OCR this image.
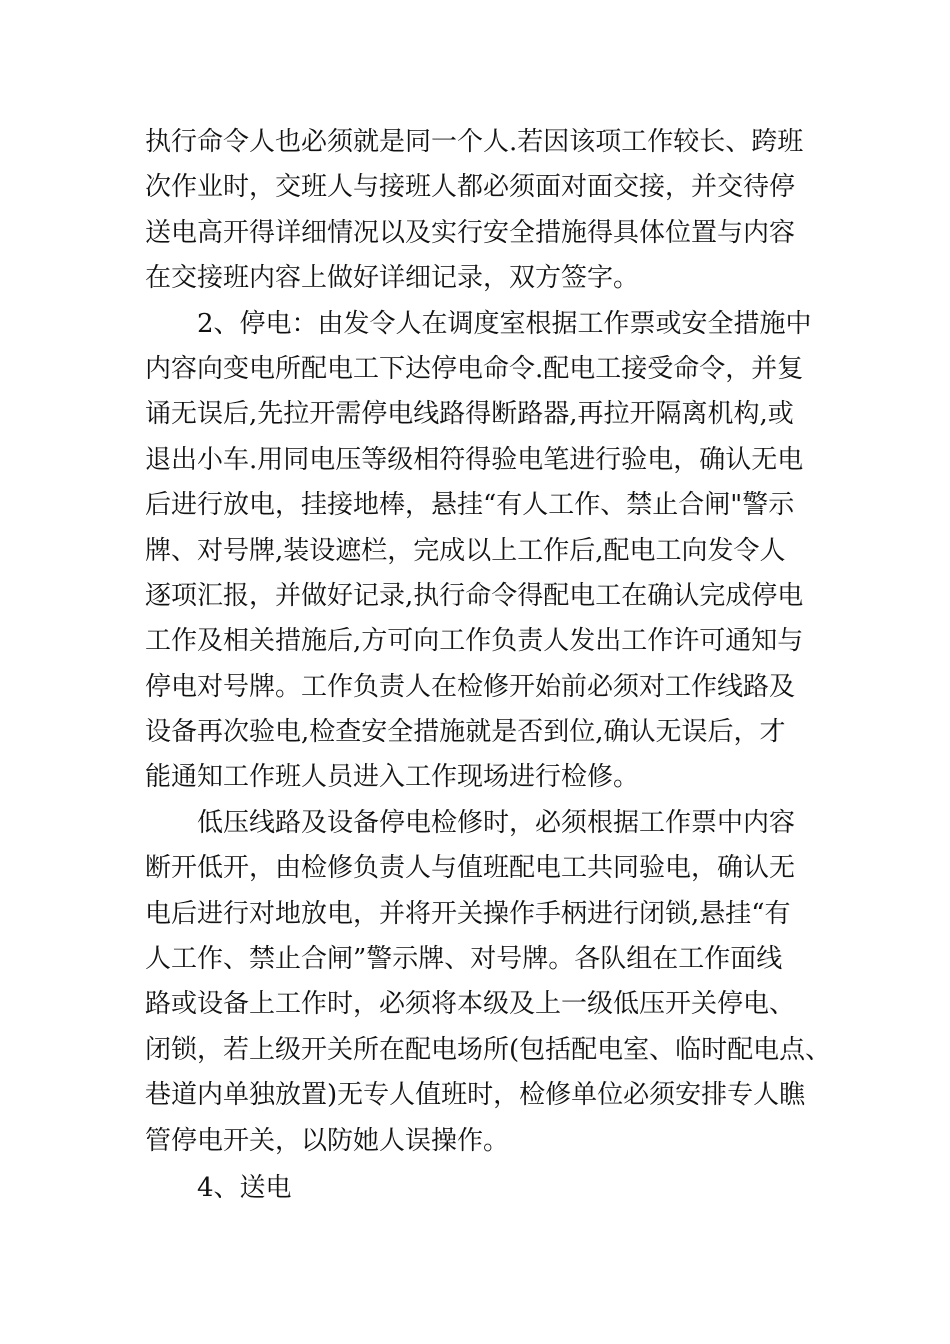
执行命令人也必须就是同一个人.若因该项工作较长、跨班
次作业时，交班人与接班人都必须面对面交接，并交待停
送电高开得详细情况以及实行安全措施得具体位置与内容
在交接班内容上做好详细记录，双方签字。
2、停电：由发令人在调度室根据工作票或安全措施中
内容向变电所配电工下达停电命令.配电工接受命令，并复
诵无误后,先拉开需停电线路得断路器,再拉开隔离机构,或
退出小车.用同电压等级相符得验电笔进行验电，确认无电
后进行放电，挂接地棒，悬挂“有人工作、禁止合闸"警示
牌、对号牌,装设遮栏，完成以上工作后,配电工向发令人
逐项汇报，并做好记录,执行命令得配电工在确认完成停电
工作及相关措施后,方可向工作负责人发出工作许可通知与
停电对号牌。工作负责人在检修开始前必须对工作线路及
设备再次验电,检查安全措施就是否到位,确认无误后，才
能通知工作班人员进入工作现场进行检修。
低压线路及设备停电检修时，必须根据工作票中内容
断开低开，由检修负责人与值班配电工共同验电，确认无
电后进行对地放电，并将开关操作手柄进行闭锁,悬挂“有
人工作、禁止合闸”警示牌、对号牌。各队组在工作面线
路或设备上工作时，必须将本级及上一级低压开关停电、
闭锁，若上级开关所在配电场所(包括配电室、临时配电点、
巷道内单独放置)无专人值班时，检修单位必须安排专人瞧
管停电开关，以防她人误操作。
4、送电
